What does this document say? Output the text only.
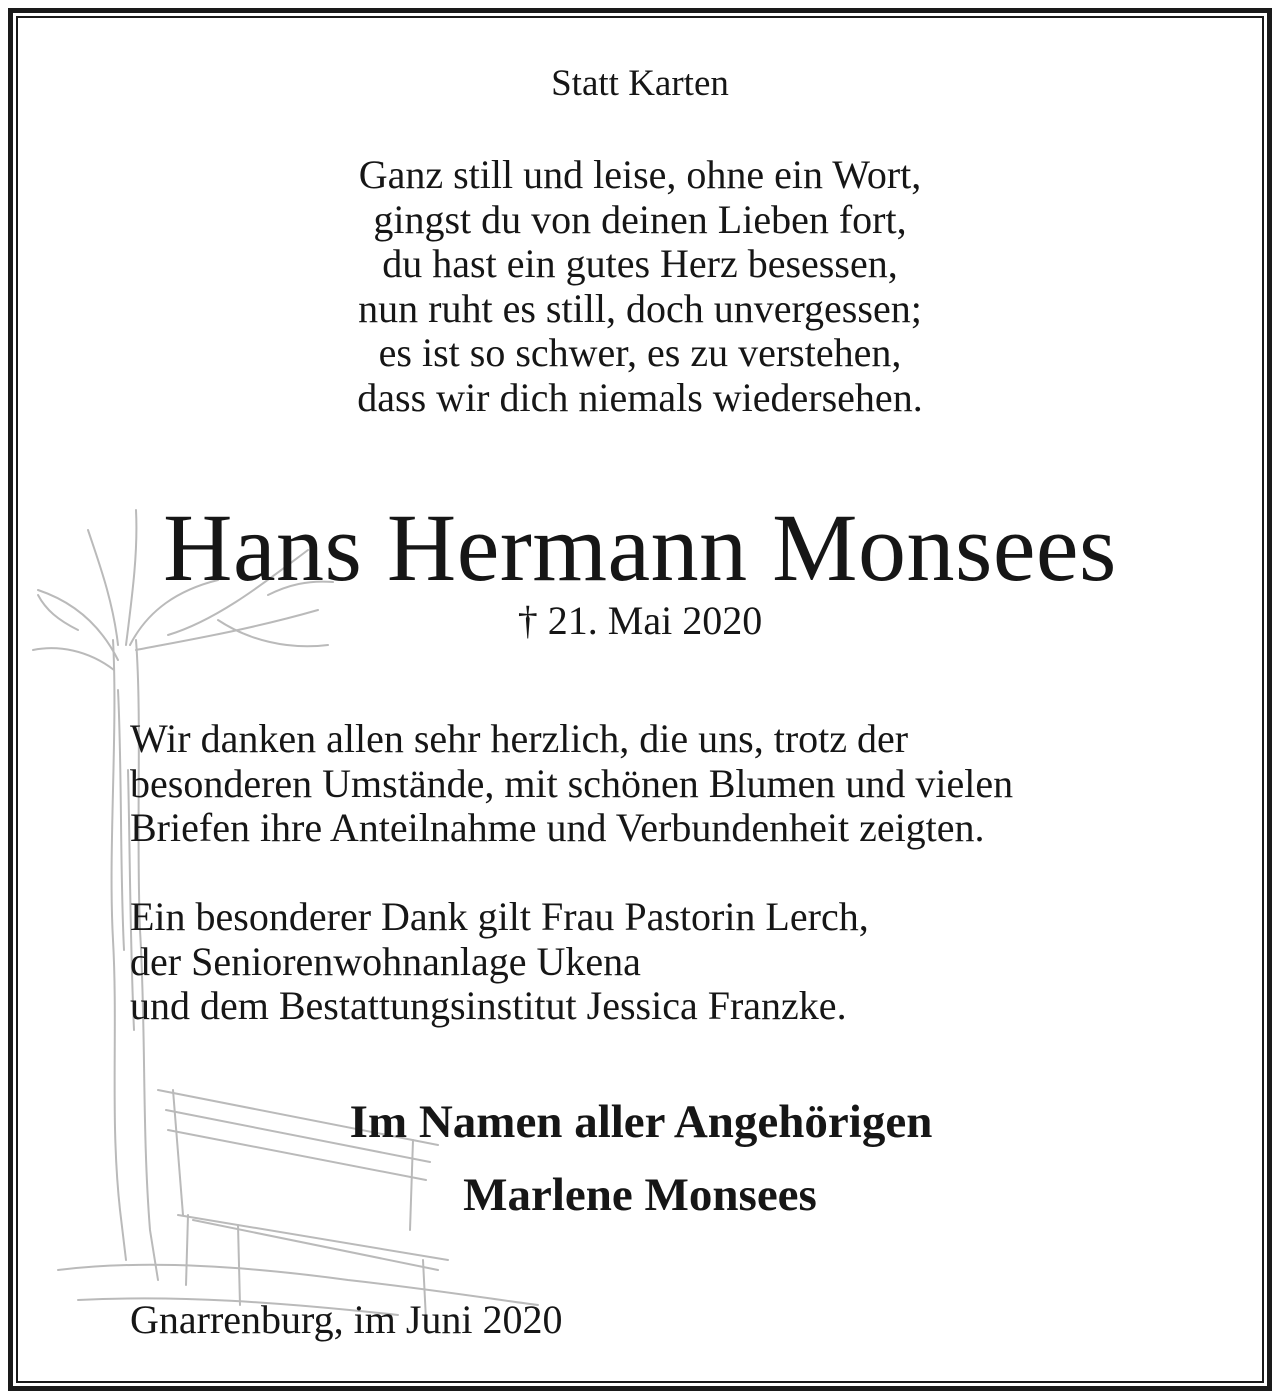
Statt Karten

Ganz still und leise, ohne ein Wort,
gingst du von deinen Lieben fort,
du hast ein gutes Herz besessen,
nun ruht es still, doch unvergessen;
es ist so schwer, es zu verstehen,
dass wir dich niemals wiedersehen.
Hans Hermann Monsees

† 21. Mai 2020

Wir danken allen sehr herzlich, die uns, trotz der
besonderen Umstände, mit schönen Blumen und vielen
Briefen ihre Anteilnahme und Verbundenheit zeigten.
Ein besonderer Dank gilt Frau Pastorin Lerch,
der Seniorenwohnanlage Ukena
und dem Bestattungsinstitut Jessica Franzke.

Im Namen aller Angehörigen

Marlene Monsees

Gnarrenburg, im Juni 2020
